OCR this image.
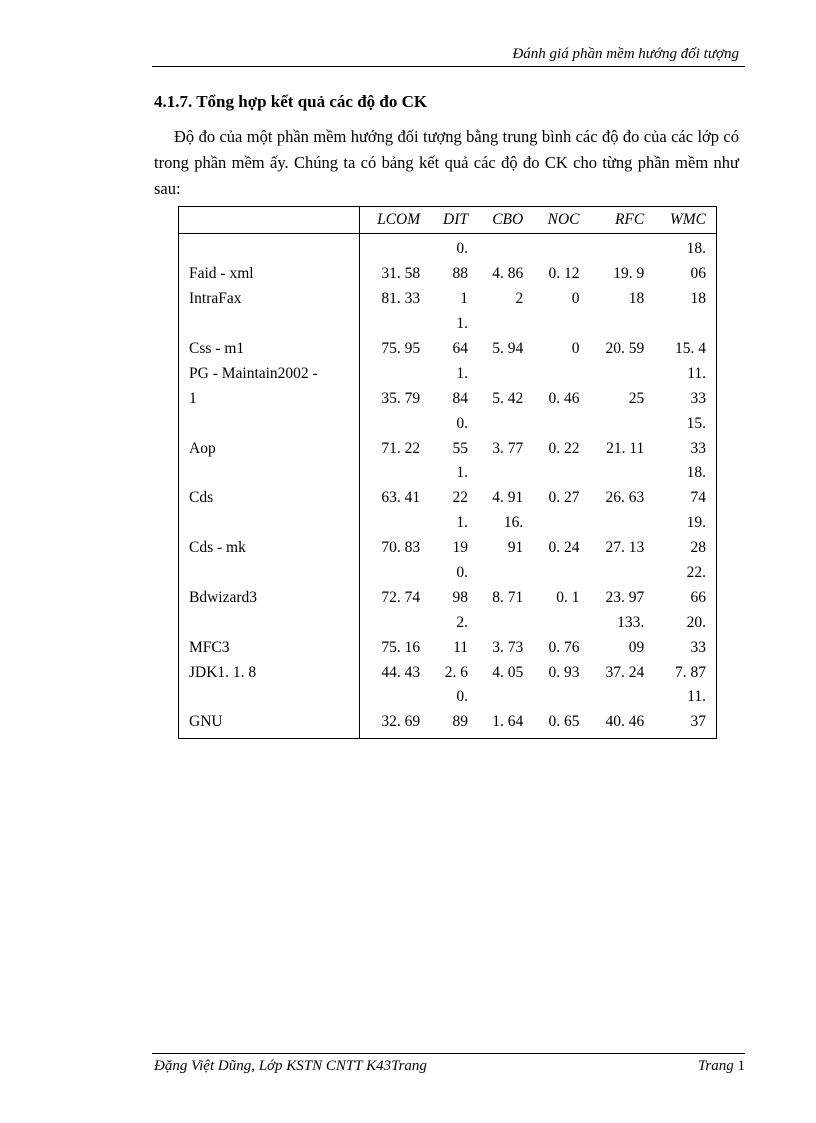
Đánh giá phần mềm hướng đối tượng
4.1.7. Tổng hợp kết quả các độ đo CK
Độ đo của một phần mềm hướng đối tượng bằng trung bình các độ đo của các lớp có trong phần mềm ấy. Chúng ta có bảng kết quả các độ đo CK cho từng phần mềm như sau:
	LCOM	DIT	CBO	NOC	RFC	WMC
		0.				18.
Faid - xml	31. 58	88	4. 86	0. 12	19. 9	06
IntraFax	81. 33	1	2	0	18	18
		1.				
Css - m1	75. 95	64	5. 94	0	20. 59	15. 4
PG - Maintain2002 -		1.				11.
1	35. 79	84	5. 42	0. 46	25	33
		0.				15.
Aop	71. 22	55	3. 77	0. 22	21. 11	33
		1.				18.
Cds	63. 41	22	4. 91	0. 27	26. 63	74
		1.	16.			19.
Cds - mk	70. 83	19	91	0. 24	27. 13	28
		0.				22.
Bdwizard3	72. 74	98	8. 71	0. 1	23. 97	66
		2.			133.	20.
MFC3	75. 16	11	3. 73	0. 76	09	33
JDK1. 1. 8	44. 43	2. 6	4. 05	0. 93	37. 24	7. 87
		0.				11.
GNU	32. 69	89	1. 64	0. 65	40. 46	37
Đặng Việt Dũng, Lớp KSTN CNTT K43Trang	Trang 1
